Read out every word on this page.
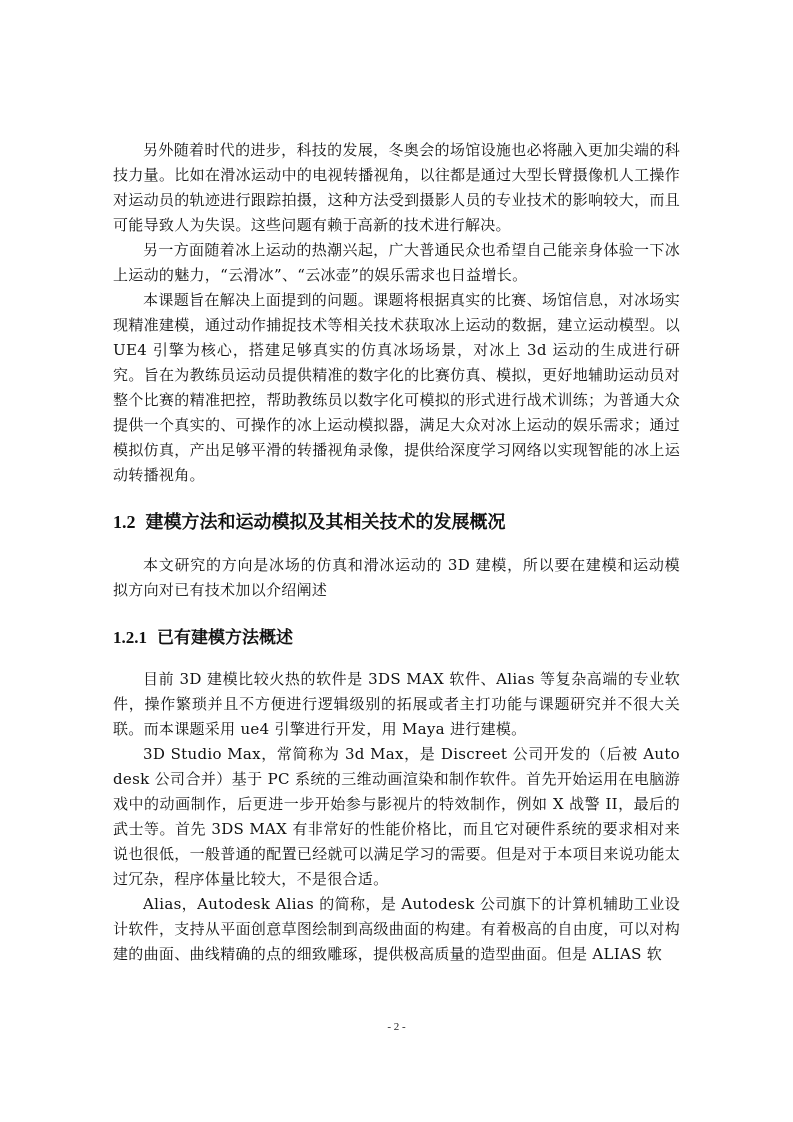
另外随着时代的进步，科技的发展，冬奥会的场馆设施也必将融入更加尖端的科技力量。比如在滑冰运动中的电视转播视角，以往都是通过大型长臂摄像机人工操作对运动员的轨迹进行跟踪拍摄，这种方法受到摄影人员的专业技术的影响较大，而且可能导致人为失误。这些问题有赖于高新的技术进行解决。

另一方面随着冰上运动的热潮兴起，广大普通民众也希望自己能亲身体验一下冰上运动的魅力，“云滑冰”、“云冰壶”的娱乐需求也日益增长。

本课题旨在解决上面提到的问题。课题将根据真实的比赛、场馆信息，对冰场实现精准建模，通过动作捕捉技术等相关技术获取冰上运动的数据，建立运动模型。以 UE4 引擎为核心，搭建足够真实的仿真冰场场景，对冰上 3d 运动的生成进行研究。旨在为教练员运动员提供精准的数字化的比赛仿真、模拟，更好地辅助运动员对整个比赛的精准把控，帮助教练员以数字化可模拟的形式进行战术训练；为普通大众提供一个真实的、可操作的冰上运动模拟器，满足大众对冰上运动的娱乐需求；通过模拟仿真，产出足够平滑的转播视角录像，提供给深度学习网络以实现智能的冰上运动转播视角。

1.2 建模方法和运动模拟及其相关技术的发展概况

本文研究的方向是冰场的仿真和滑冰运动的 3D 建模，所以要在建模和运动模拟方向对已有技术加以介绍阐述

1.2.1 已有建模方法概述

目前 3D 建模比较火热的软件是 3DS MAX 软件、Alias 等复杂高端的专业软件，操作繁琐并且不方便进行逻辑级别的拓展或者主打功能与课题研究并不很大关联。而本课题采用 ue4 引擎进行开发，用 Maya 进行建模。

3D Studio Max，常简称为 3d Max，是 Discreet 公司开发的（后被 Autodesk 公司合并）基于 PC 系统的三维动画渲染和制作软件。首先开始运用在电脑游戏中的动画制作，后更进一步开始参与影视片的特效制作，例如 X 战警 II，最后的武士等。首先 3DS MAX 有非常好的性能价格比，而且它对硬件系统的要求相对来说也很低，一般普通的配置已经就可以满足学习的需要。但是对于本项目来说功能太过冗杂，程序体量比较大，不是很合适。

Alias，Autodesk Alias 的简称，是 Autodesk 公司旗下的计算机辅助工业设计软件，支持从平面创意草图绘制到高级曲面的构建。有着极高的自由度，可以对构建的曲面、曲线精确的点的细致雕琢，提供极高质量的造型曲面。但是 ALIAS 软

- 2 -
